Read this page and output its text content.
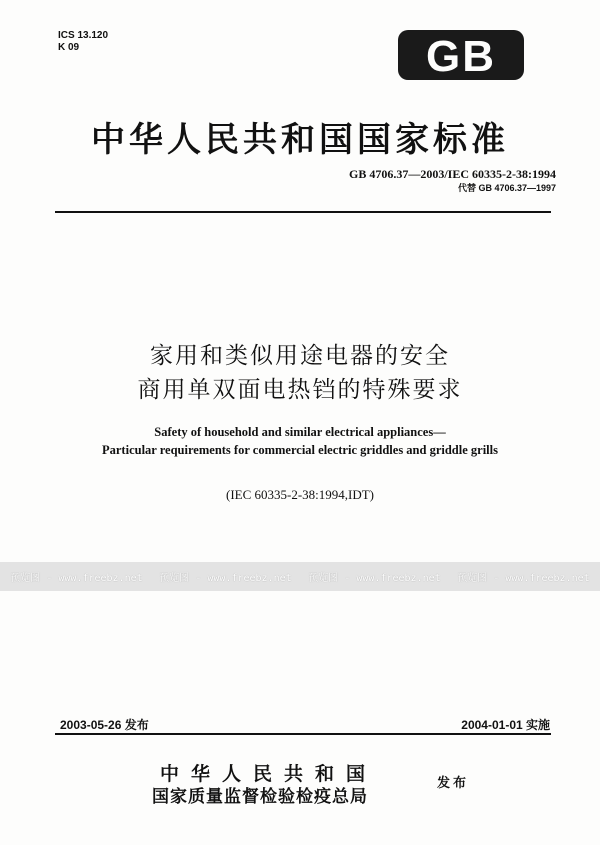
ICS 13.120
K 09	GB
中华人民共和国国家标准
GB 4706.37—2003/IEC 60335-2-38:1994
代替 GB 4706.37—1997
家用和类似用途电器的安全
商用单双面电热铛的特殊要求
Safety of household and similar electrical appliances—
Particular requirements for commercial electric griddles and griddle grills
(IEC 60335-2-38:1994,IDT)
预览图 - www.freebz.net 预览图 - www.freebz.net 预览图 - www.freebz.net 预览图 - www.freebz.net
2003-05-26 发布	2004-01-01 实施
中华人民共和国
国家质量监督检验检疫总局
发布
